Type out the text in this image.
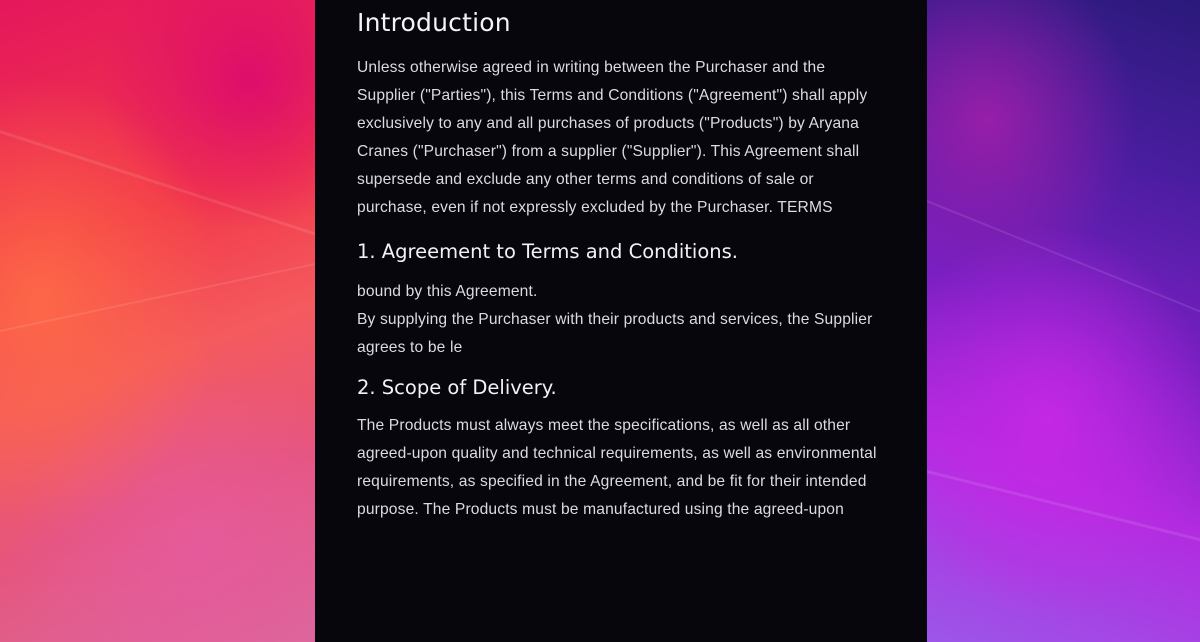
Introduction

Unless otherwise agreed in writing between the Purchaser and the Supplier ("Parties"), this Terms and Conditions ("Agreement") shall apply exclusively to any and all purchases of products ("Products") by Aryana Cranes ("Purchaser") from a supplier ("Supplier"). This Agreement shall supersede and exclude any other terms and conditions of sale or purchase, even if not expressly excluded by the Purchaser. TERMS

1. Agreement to Terms and Conditions.

bound by this Agreement.

By supplying the Purchaser with their products and services, the Supplier agrees to be le

2. Scope of Delivery.

The Products must always meet the specifications, as well as all other agreed-upon quality and technical requirements, as well as environmental requirements, as specified in the Agreement, and be fit for their intended purpose. The Products must be manufactured using the agreed-upon
